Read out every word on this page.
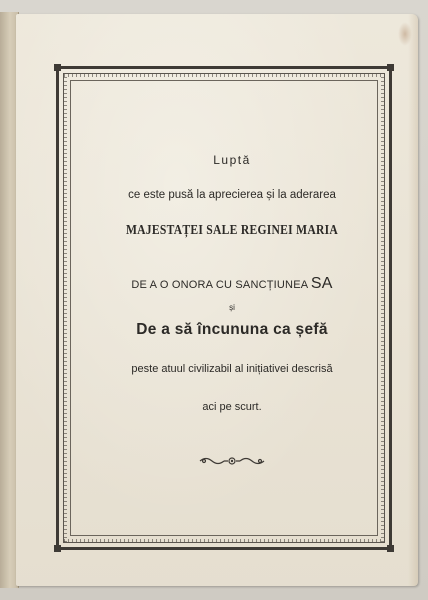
Luptă
ce este pusă la aprecierea și la aderarea
MAJESTAȚEI SALE REGINEI MARIA
DE A O ONORA CU SANCȚIUNEA SA
și
De a să încununa ca șefă
peste atuul civilizabil al inițiativei descrisă
aci pe scurt.
